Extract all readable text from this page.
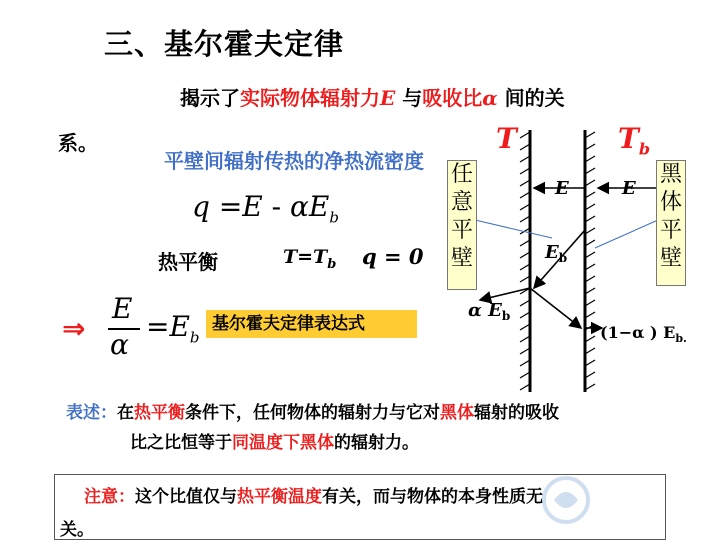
三、基尔霍夫定律
揭示了实际物体辐射力E 与吸收比α 间的关
系。
平壁间辐射传热的净热流密度
$q =E - \alpha E_b$
热平衡	$T=T_b$ q = 0
⇒
E
α
$=E_b$
基尔霍夫定律表达式
表述：在热平衡条件下，任何物体的辐射力与它对黑体辐射的吸收
比之比恒等于同温度下黑体的辐射力。
注意：这个比值仅与热平衡温度有关，而与物体的本身性质无
关。
T	$T_b$
E	E
$E_b$
α $E_b$
(1−α ) $E_{b.}$
任
意
平
壁
黑
体
平
壁
